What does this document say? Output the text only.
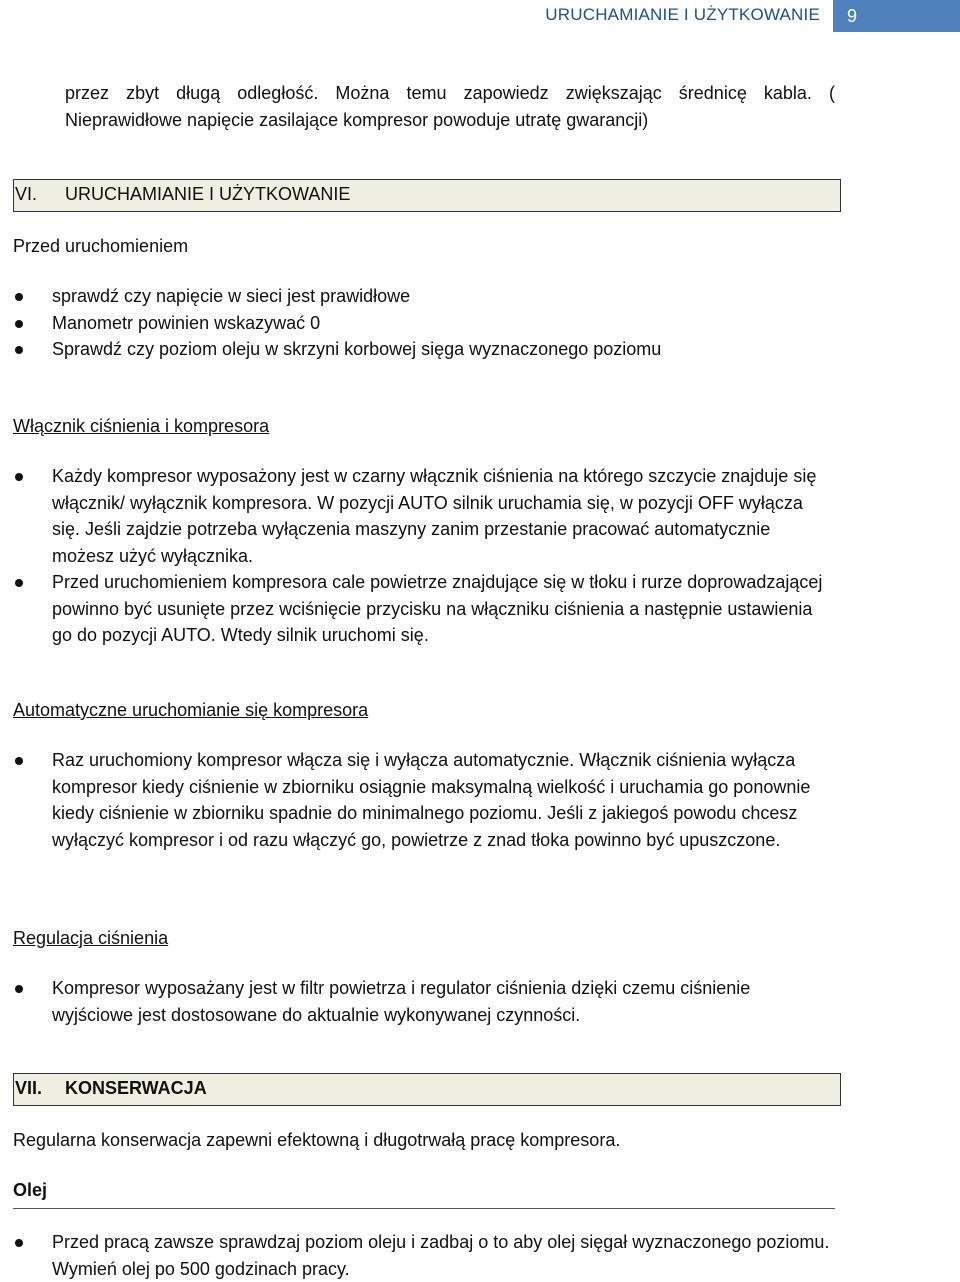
URUCHAMIANIE I UŻYTKOWANIE 9
przez zbyt długą odległość. Można temu zapowiedz zwiększając średnicę kabla. ( Nieprawidłowe napięcie zasilające kompresor powoduje utratę gwarancji)
VI. URUCHAMIANIE I UŻYTKOWANIE
Przed uruchomieniem
sprawdź czy napięcie w sieci jest prawidłowe
Manometr powinien wskazywać 0
Sprawdź czy poziom oleju w skrzyni korbowej sięga wyznaczonego poziomu
Włącznik ciśnienia i kompresora
Każdy kompresor wyposażony jest w czarny włącznik ciśnienia na którego szczycie znajduje się włącznik/ wyłącznik kompresora. W pozycji AUTO silnik uruchamia się, w pozycji OFF wyłącza się. Jeśli zajdzie potrzeba wyłączenia maszyny zanim przestanie pracować automatycznie możesz użyć wyłącznika.
Przed uruchomieniem kompresora cale powietrze znajdujące się w tłoku i rurze doprowadzającej powinno być usunięte przez wciśnięcie przycisku na włączniku ciśnienia a następnie ustawienia go do pozycji AUTO. Wtedy silnik uruchomi się.
Automatyczne uruchomianie się kompresora
Raz uruchomiony kompresor włącza się i wyłącza automatycznie. Włącznik ciśnienia wyłącza kompresor kiedy ciśnienie w zbiorniku osiągnie maksymalną wielkość i uruchamia go ponownie kiedy ciśnienie w zbiorniku spadnie do minimalnego poziomu. Jeśli z jakiegoś powodu chcesz wyłączyć kompresor i od razu włączyć go, powietrze z znad tłoka powinno być upuszczone.
Regulacja ciśnienia
Kompresor wyposażany jest w filtr powietrza i regulator ciśnienia dzięki czemu ciśnienie wyjściowe jest dostosowane do aktualnie wykonywanej czynności.
VII. KONSERWACJA
Regularna konserwacja zapewni efektowną i długotrwałą pracę kompresora.
Olej
Przed pracą zawsze sprawdzaj poziom oleju i zadbaj o to aby olej sięgał wyznaczonego poziomu. Wymień olej po 500 godzinach pracy.
